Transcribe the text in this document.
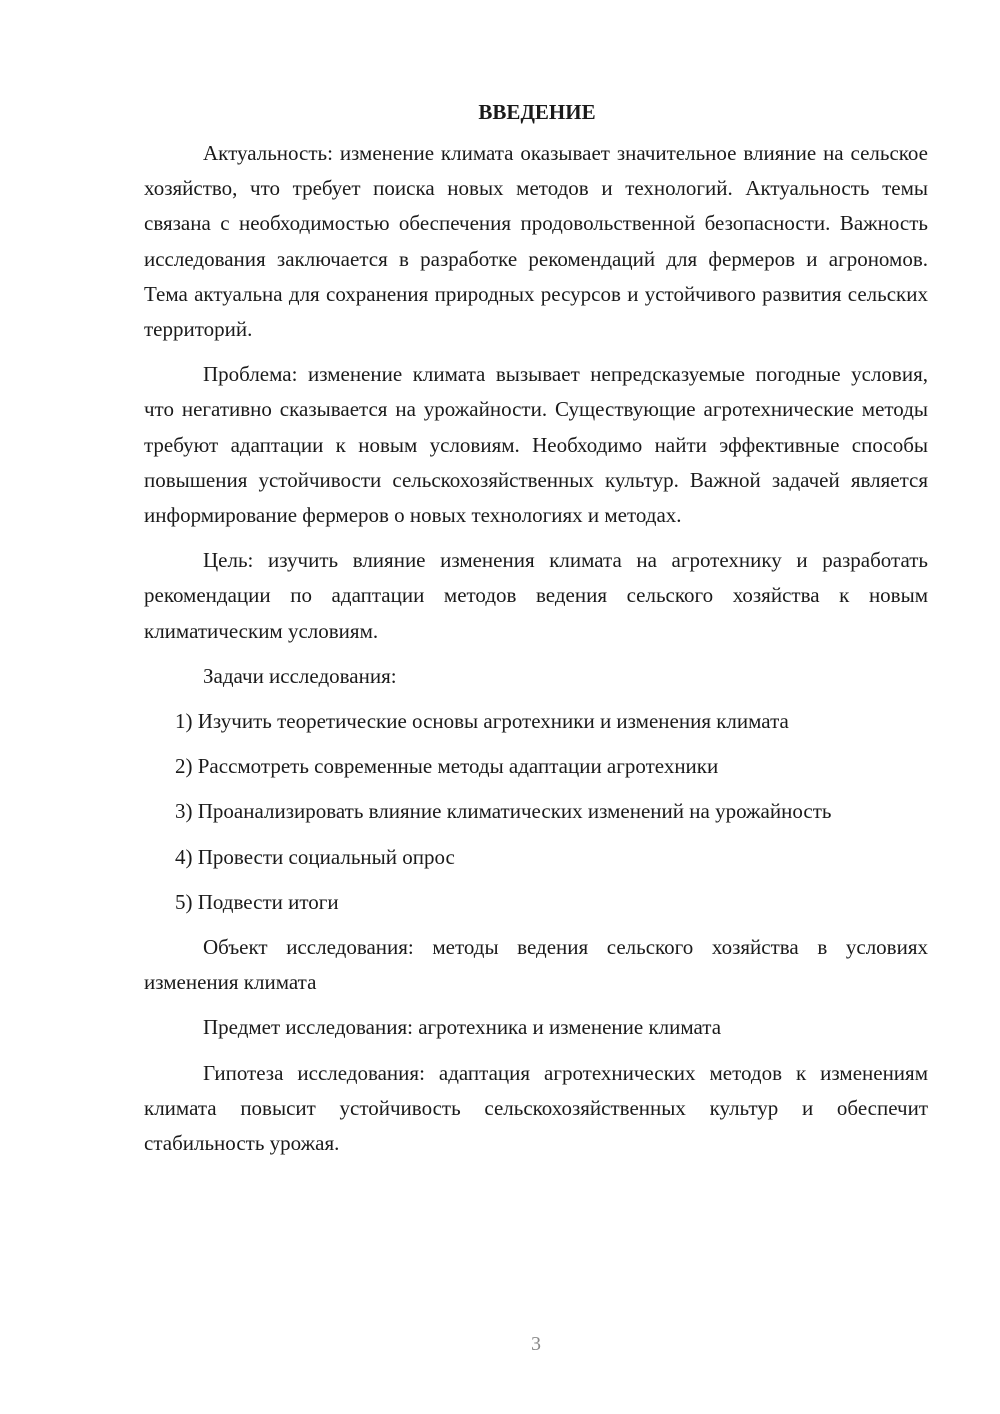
ВВЕДЕНИЕ

Актуальность: изменение климата оказывает значительное влияние на сельское хозяйство, что требует поиска новых методов и технологий. Актуальность темы связана с необходимостью обеспечения продовольственной безопасности. Важность исследования заключается в разработке рекомендаций для фермеров и агрономов. Тема актуальна для сохранения природных ресурсов и устойчивого развития сельских территорий.

Проблема: изменение климата вызывает непредсказуемые погодные условия, что негативно сказывается на урожайности. Существующие агротехнические методы требуют адаптации к новым условиям. Необходимо найти эффективные способы повышения устойчивости сельскохозяйственных культур. Важной задачей является информирование фермеров о новых технологиях и методах.

Цель: изучить влияние изменения климата на агротехнику и разработать рекомендации по адаптации методов ведения сельского хозяйства к новым климатическим условиям.

Задачи исследования:

1) Изучить теоретические основы агротехники и изменения климата

2) Рассмотреть современные методы адаптации агротехники

3) Проанализировать влияние климатических изменений на урожайность

4) Провести социальный опрос

5) Подвести итоги

Объект исследования: методы ведения сельского хозяйства в условиях изменения климата

Предмет исследования: агротехника и изменение климата

Гипотеза исследования: адаптация агротехнических методов к изменениям климата повысит устойчивость сельскохозяйственных культур и обеспечит стабильность урожая.

3
